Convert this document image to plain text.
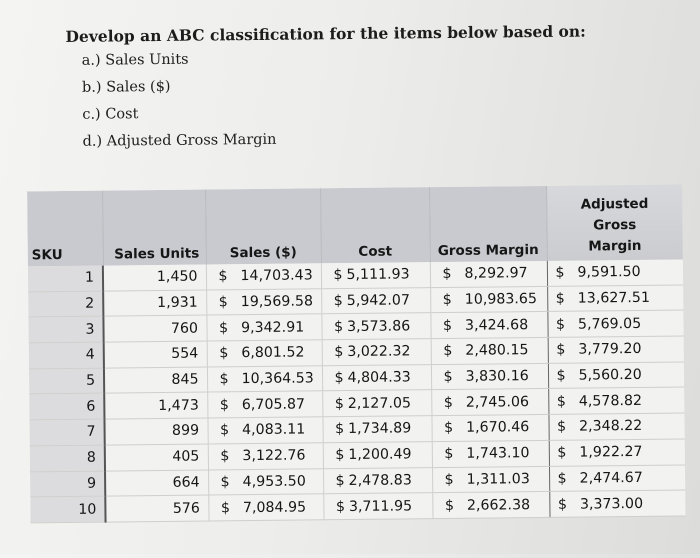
Develop an ABC classification for the items below based on:
a.) Sales Units
b.) Sales ($)
c.) Cost
d.) Adjusted Gross Margin
SKU	Sales Units	Sales ($)	Cost	Gross Margin	Adjusted
Gross
Margin

1	1,450	$ 14,703.43	$ 5,111.93	$ 8,292.97	$ 9,591.50
2	1,931	$ 19,569.58	$ 5,942.07	$ 10,983.65	$ 13,627.51
3	760	$ 9,342.91	$ 3,573.86	$ 3,424.68	$ 5,769.05
4	554	$ 6,801.52	$ 3,022.32	$ 2,480.15	$ 3,779.20
5	845	$ 10,364.53	$ 4,804.33	$ 3,830.16	$ 5,560.20
6	1,473	$ 6,705.87	$ 2,127.05	$ 2,745.06	$ 4,578.82
7	899	$ 4,083.11	$ 1,734.89	$ 1,670.46	$ 2,348.22
8	405	$ 3,122.76	$ 1,200.49	$ 1,743.10	$ 1,922.27
9	664	$ 4,953.50	$ 2,478.83	$ 1,311.03	$ 2,474.67
10	576	$ 7,084.95	$ 3,711.95	$ 2,662.38	$ 3,373.00
